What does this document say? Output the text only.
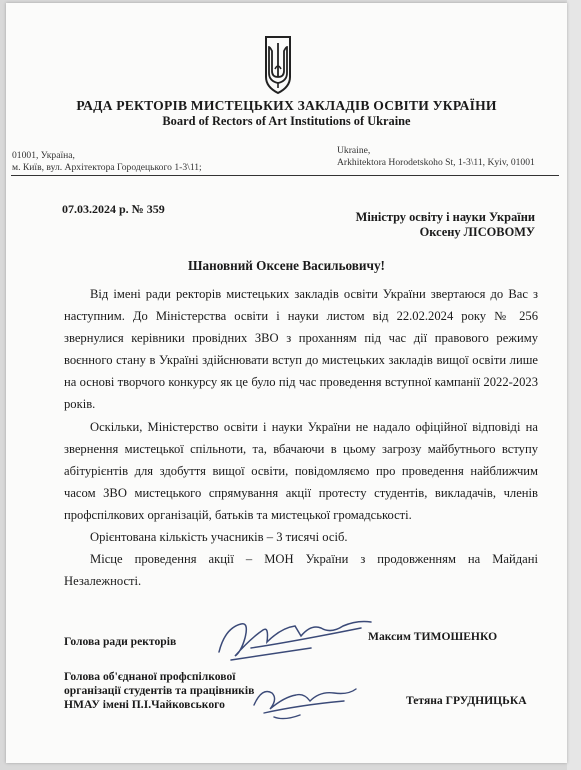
РАДА РЕКТОРІВ МИСТЕЦЬКИХ ЗАКЛАДІВ ОСВІТИ УКРАЇНИ
Board of Rectors of Art Institutions of Ukraine
01001, Україна,
м. Київ, вул. Архітектора Городецького 1-3\11;
Ukraine,
Arkhitektora Horodetskoho St, 1-3\11, Kyiv, 01001
07.03.2024 р. № 359
Міністру освіту і науки України
Оксену ЛІСОВОМУ
Шановний Оксене Васильовичу!

Від імені ради ректорів мистецьких закладів освіти України звертаюся до Вас з наступним. До Міністерства освіти і науки листом від 22.02.2024 року № 256 звернулися керівники провідних ЗВО з проханням під час дії правового режиму воєнного стану в Україні здійснювати вступ до мистецьких закладів вищої освіти лише на основі творчого конкурсу як це було під час проведення вступної кампанії 2022-2023 років.

Оскільки, Міністерство освіти і науки України не надало офіційної відповіді на звернення мистецької спільноти, та, вбачаючи в цьому загрозу майбутнього вступу абітурієнтів для здобуття вищої освіти, повідомляємо про проведення найближчим часом ЗВО мистецького спрямування акції протесту студентів, викладачів, членів профспілкових організацій, батьків та мистецької громадськості.

Орієнтована кількість учасників – 3 тисячі осіб.

Місце проведення акції – МОН України з продовженням на Майдані Незалежності.

Голова ради ректорів	Максим ТИМОШЕНКО
Голова об'єднаної профспілкової
організації студентів та працівників
НМАУ імені П.І.Чайковського	Тетяна ГРУДНИЦЬКА
